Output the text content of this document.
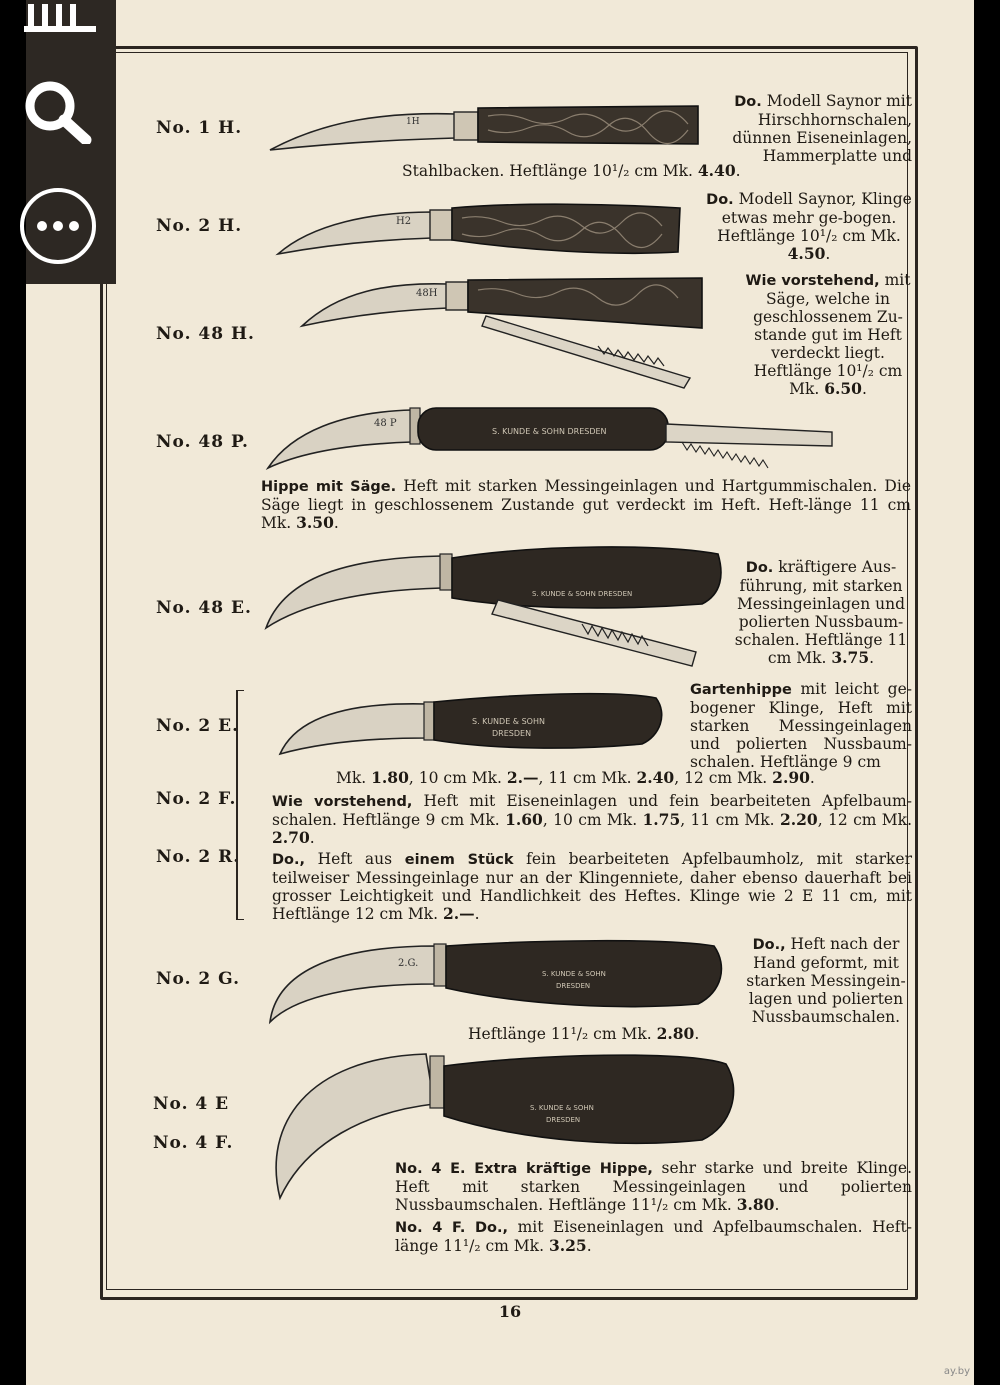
No. 1 H.
No. 2 H.
No. 48 H.
No. 48 P.
No. 48 E.
No. 2 E.
No. 2 F.
No. 2 R.
No. 2 G.
No. 4 E
No. 4 F.
Do. Modell Saynor mit Hirschhornschalen, dünnen Eiseneinlagen, Hammerplatte und
Stahlbacken. Heftlänge 10¹/₂ cm Mk. 4.40.
Do. Modell Saynor, Klinge etwas mehr ge-bogen. Heftlänge 10¹/₂ cm Mk. 4.50.
Wie vorstehend, mit Säge, welche in geschlossenem Zu-stande gut im Heft verdeckt liegt. Heftlänge 10¹/₂ cm Mk. 6.50.
Hippe mit Säge. Heft mit starken Messingeinlagen und Hartgummischalen. Die Säge liegt in geschlossenem Zustande gut verdeckt im Heft. Heft-länge 11 cm Mk. 3.50.
Do. kräftigere Aus-führung, mit starken Messingeinlagen und polierten Nussbaum-schalen. Heftlänge 11 cm Mk. 3.75.
Gartenhippe mit leicht ge-bogener Klinge, Heft mit starken Messingeinlagen und polierten Nussbaum-schalen. Heftlänge 9 cm
Mk. 1.80, 10 cm Mk. 2.—, 11 cm Mk. 2.40, 12 cm Mk. 2.90.
Wie vorstehend, Heft mit Eiseneinlagen und fein bearbeiteten Apfelbaum-schalen. Heftlänge 9 cm Mk. 1.60, 10 cm Mk. 1.75, 11 cm Mk. 2.20, 12 cm Mk. 2.70.
Do., Heft aus einem Stück fein bearbeiteten Apfelbaumholz, mit starker teilweiser Messingeinlage nur an der Klingenniete, daher ebenso dauerhaft bei grosser Leichtigkeit und Handlichkeit des Heftes. Klinge wie 2 E 11 cm, mit Heftlänge 12 cm Mk. 2.—.
Do., Heft nach der Hand geformt, mit starken Messingein-lagen und polierten Nussbaumschalen.
Heftlänge 11¹/₂ cm Mk. 2.80.
No. 4 E. Extra kräftige Hippe, sehr starke und breite Klinge. Heft mit starken Messingeinlagen und polierten Nussbaumschalen. Heftlänge 11¹/₂ cm Mk. 3.80.
No. 4 F. Do., mit Eiseneinlagen und Apfelbaumschalen. Heft-länge 11¹/₂ cm Mk. 3.25.
1H
H2
48H
48 P
S. KUNDE & SOHN DRESDEN
S. KUNDE & SOHN DRESDEN
S. KUNDE & SOHN
DRESDEN
2.G.
S. KUNDE & SOHN
DRESDEN
S. KUNDE & SOHN
DRESDEN
16
ay.by
